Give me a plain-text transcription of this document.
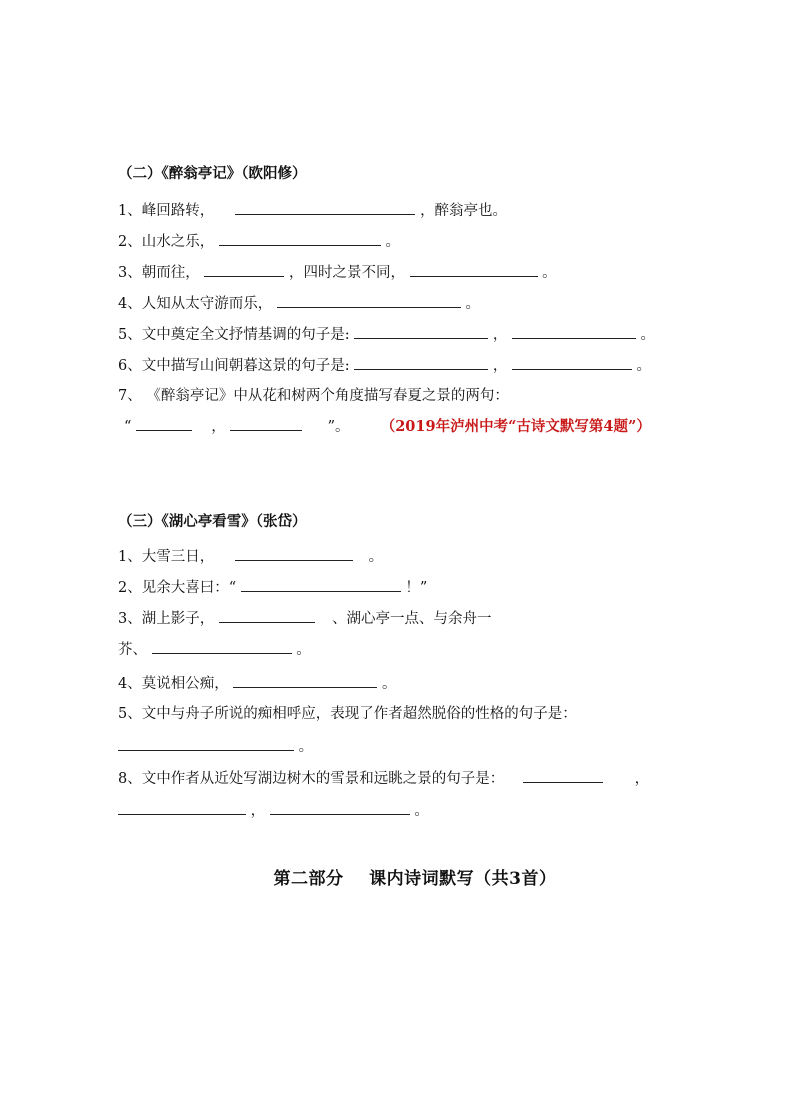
（二）《醉翁亭记》（欧阳修）
1、峰回路转，	，醉翁亭也。
2、山水之乐，	。
3、朝而往，	，四时之景不同，	。
4、人知从太守游而乐，	。
5、文中奠定全文抒情基调的句子是:	，	。
6、文中描写山间朝暮这景的句子是:	，	。
7、 《醉翁亭记》中从花和树两个角度描写春夏之景的两句：
“	，	”。 （2019年泸州中考“古诗文默写第4题”）
（三）《湖心亭看雪》（张岱）
1、大雪三日，	。
2、见余大喜曰：“	！”
3、湖上影子，	、湖心亭一点、与余舟一
芥、	。
4、莫说相公痴，	。
5、文中与舟子所说的痴相呼应，表现了作者超然脱俗的性格的句子是：
。
8、文中作者从近处写湖边树木的雪景和远眺之景的句子是：	，
，	。
第二部分    课内诗词默写（共3首）
